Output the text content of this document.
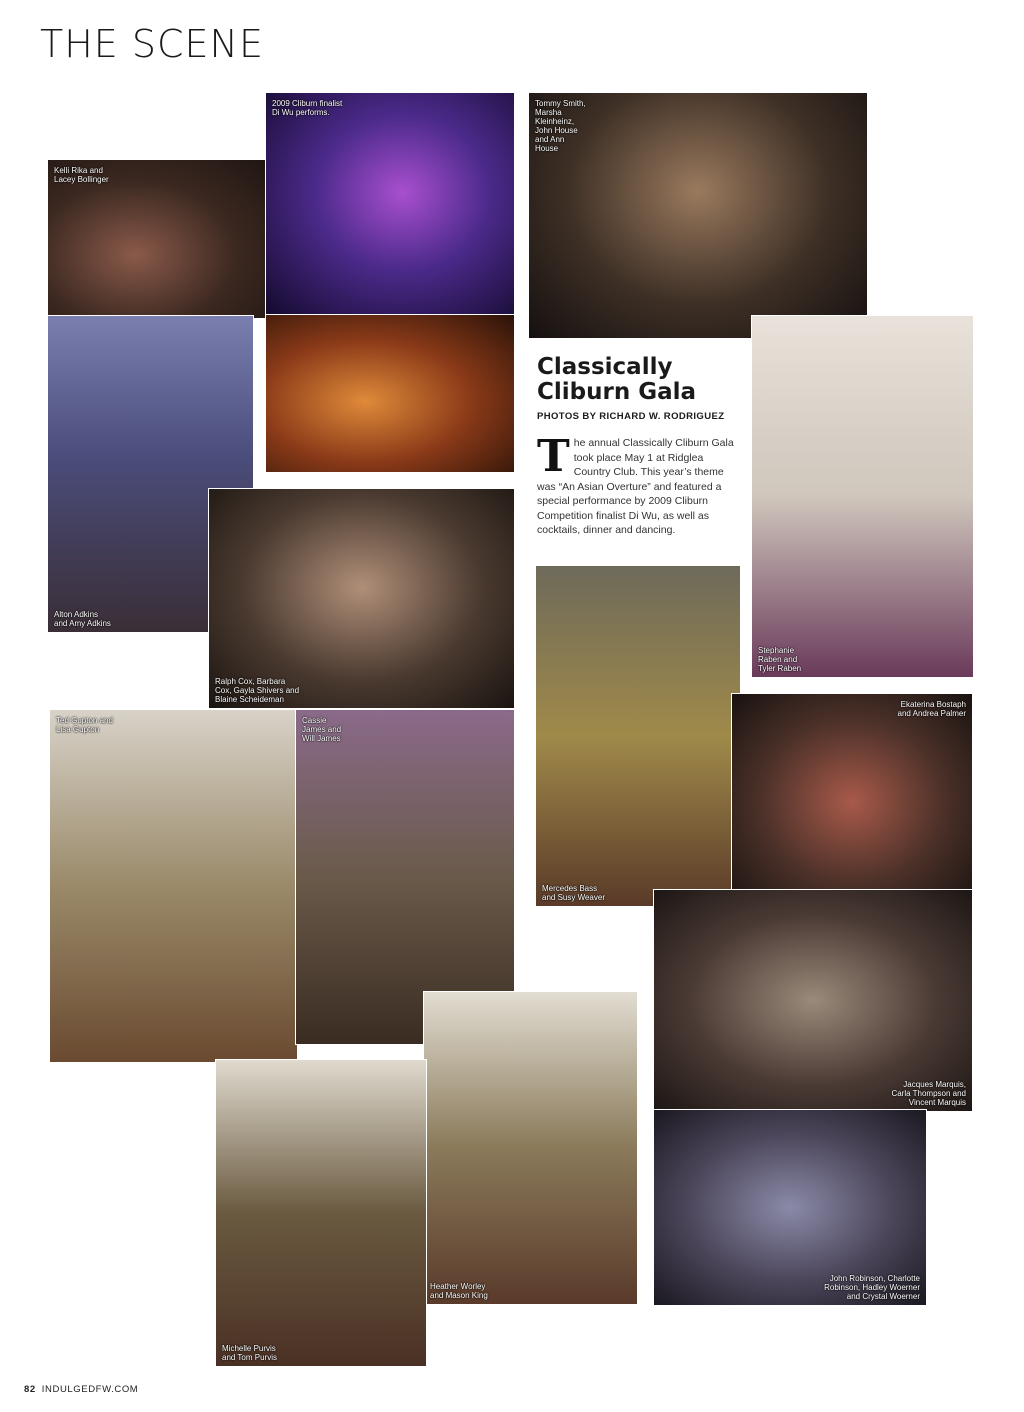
THE SCENE
Kelli Rika and
Lacey Bollinger
2009 Cliburn finalist
Di Wu performs.
Tommy Smith,
Marsha
Kleinheinz,
John House
and Ann
House
Alton Adkins
and Amy Adkins
Ralph Cox, Barbara
Cox, Gayla Shivers and
Blaine Scheideman
Stephanie
Raben and
Tyler Raben
Mercedes Bass
and Susy Weaver
Ekaterina Bostaph
and Andrea Palmer
Ted Gupton and
Lisa Gupton
Cassie
James and
Will James
Jacques Marquis,
Carla Thompson and
Vincent Marquis
Heather Worley
and Mason King
Michelle Purvis
and Tom Purvis
John Robinson, Charlotte
Robinson, Hadley Woerner
and Crystal Woerner
Classically
Cliburn Gala
PHOTOS BY RICHARD W. RODRIGUEZ

The annual Classically Cliburn Gala took place May 1 at Ridglea Country Club. This year’s theme was “An Asian Overture” and featured a special performance by 2009 Cliburn Competition finalist Di Wu, as well as cocktails, dinner and dancing.

82 INDULGEDFW.COM
